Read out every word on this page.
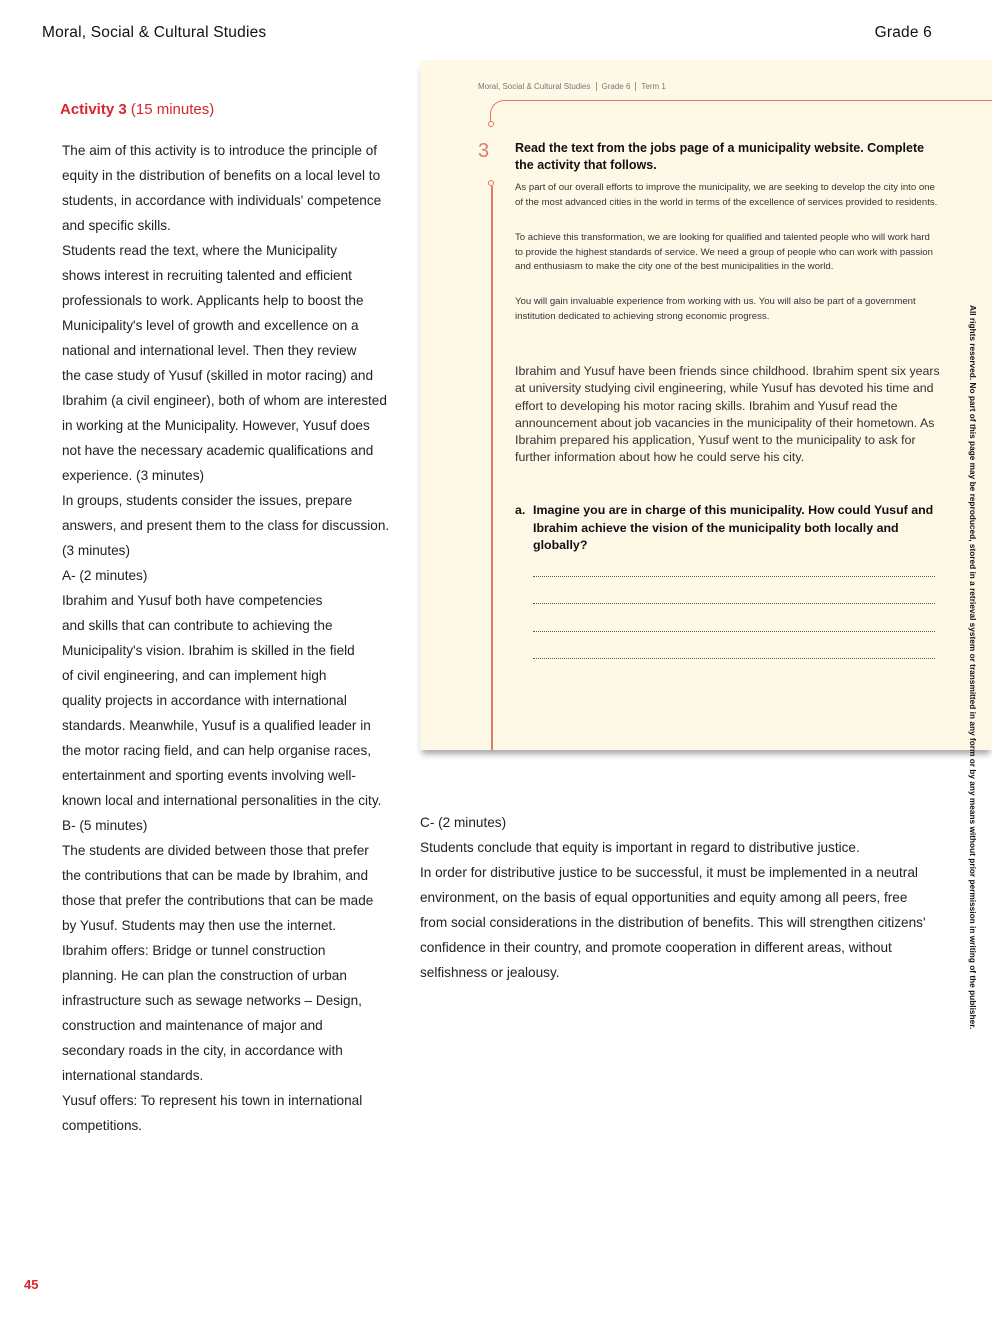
Moral, Social & Cultural Studies	Grade 6
Activity 3 (15 minutes)
The aim of this activity is to introduce the principle of
equity in the distribution of benefits on a local level to
students, in accordance with individuals' competence
and specific skills.
Students read the text, where the Municipality
shows interest in recruiting talented and efficient
professionals to work. Applicants help to boost the
Municipality's level of growth and excellence on a
national and international level. Then they review
the case study of Yusuf (skilled in motor racing) and
Ibrahim (a civil engineer), both of whom are interested
in working at the Municipality. However, Yusuf does
not have the necessary academic qualifications and
experience. (3 minutes)
In groups, students consider the issues, prepare
answers, and present them to the class for discussion.
(3 minutes)
A- (2 minutes)
Ibrahim and Yusuf both have competencies
and skills that can contribute to achieving the
Municipality's vision. Ibrahim is skilled in the field
of civil engineering, and can implement high
quality projects in accordance with international
standards. Meanwhile, Yusuf is a qualified leader in
the motor racing field, and can help organise races,
entertainment and sporting events involving well-
known local and international personalities in the city.
B- (5 minutes)
The students are divided between those that prefer
the contributions that can be made by Ibrahim, and
those that prefer the contributions that can be made
by Yusuf. Students may then use the internet.
Ibrahim offers: Bridge or tunnel construction
planning. He can plan the construction of urban
infrastructure such as sewage networks – Design,
construction and maintenance of major and
secondary roads in the city, in accordance with
international standards.
Yusuf offers: To represent his town in international
competitions.
Moral, Social & Cultural Studies Grade 6 Term 1
3 Read the text from the jobs page of a municipality website. Complete the activity that follows.
As part of our overall efforts to improve the municipality, we are seeking to develop the city into one of the most advanced cities in the world in terms of the excellence of services provided to residents.
To achieve this transformation, we are looking for qualified and talented people who will work hard to provide the highest standards of service. We need a group of people who can work with passion and enthusiasm to make the city one of the best municipalities in the world.
You will gain invaluable experience from working with us. You will also be part of a government institution dedicated to achieving strong economic progress.
Ibrahim and Yusuf have been friends since childhood. Ibrahim spent six years at university studying civil engineering, while Yusuf has devoted his time and effort to developing his motor racing skills. Ibrahim and Yusuf read the announcement about job vacancies in the municipality of their hometown. As Ibrahim prepared his application, Yusuf went to the municipality to ask for further information about how he could serve his city.
a. Imagine you are in charge of this municipality. How could Yusuf and Ibrahim achieve the vision of the municipality both locally and globally?
C- (2 minutes)
Students conclude that equity is important in regard to distributive justice.
In order for distributive justice to be successful, it must be implemented in a neutral
environment, on the basis of equal opportunities and equity among all peers, free
from social considerations in the distribution of benefits. This will strengthen citizens'
confidence in their country, and promote cooperation in different areas, without
selfishness or jealousy.	All rights reserved. No part of this page may be reproduced, stored in a retrieval system or transmitted in any form or by any means without prior permission in writing of the publisher.
45
